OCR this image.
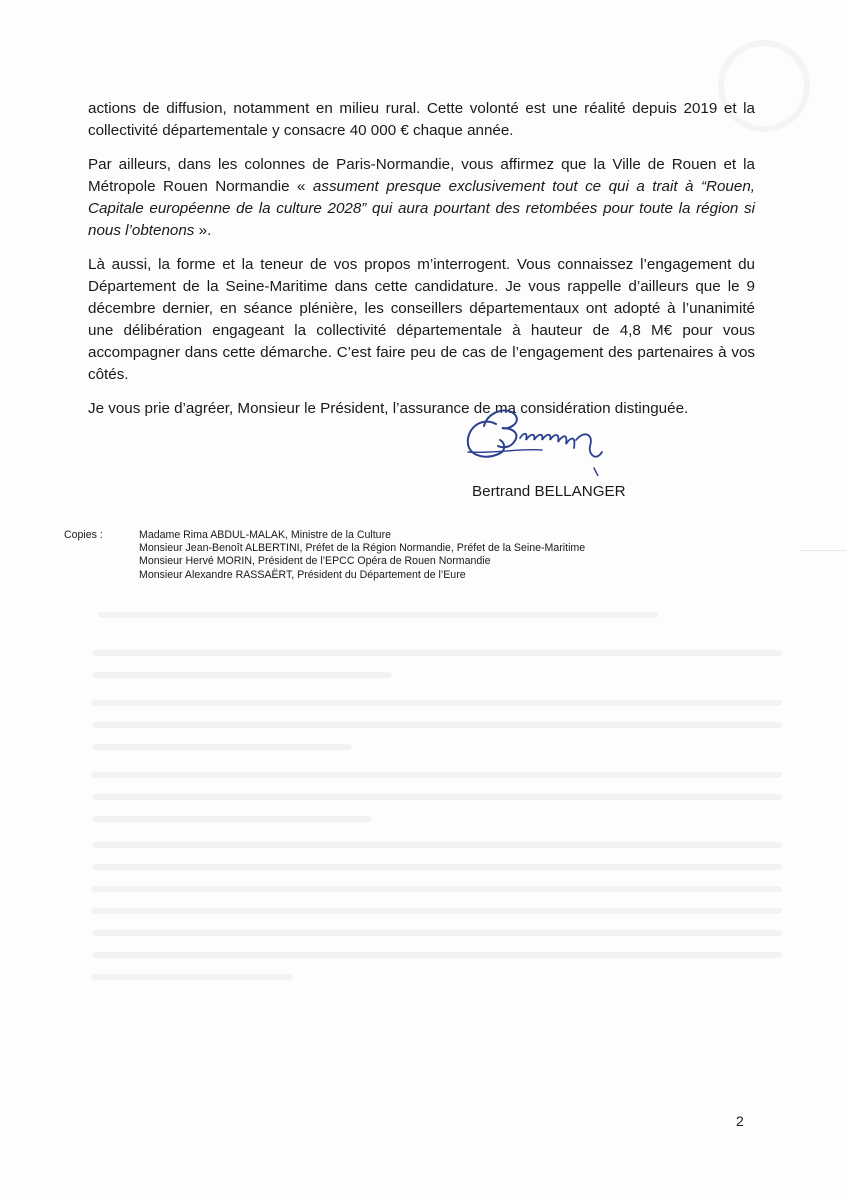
actions de diffusion, notamment en milieu rural. Cette volonté est une réalité depuis 2019 et la collectivité départementale y consacre 40 000 € chaque année.

Par ailleurs, dans les colonnes de Paris-Normandie, vous affirmez que la Ville de Rouen et la Métropole Rouen Normandie « assument presque exclusivement tout ce qui a trait à “Rouen, Capitale européenne de la culture 2028” qui aura pourtant des retombées pour toute la région si nous l’obtenons ».

Là aussi, la forme et la teneur de vos propos m’interrogent. Vous connaissez l’engagement du Département de la Seine-Maritime dans cette candidature. Je vous rappelle d’ailleurs que le 9 décembre dernier, en séance plénière, les conseillers départementaux ont adopté à l’unanimité une délibération engageant la collectivité départementale à hauteur de 4,8 M€ pour vous accompagner dans cette démarche. C’est faire peu de cas de l’engagement des partenaires à vos côtés.

Je vous prie d’agréer, Monsieur le Président, l’assurance de ma considération distinguée.

Bertrand BELLANGER
Copies :	Madame Rima ABDUL-MALAK, Ministre de la Culture
Monsieur Jean-Benoît ALBERTINI, Préfet de la Région Normandie, Préfet de la Seine-Maritime
Monsieur Hervé MORIN, Président de l’EPCC Opéra de Rouen Normandie
Monsieur Alexandre RASSAËRT, Président du Département de l’Eure
2
